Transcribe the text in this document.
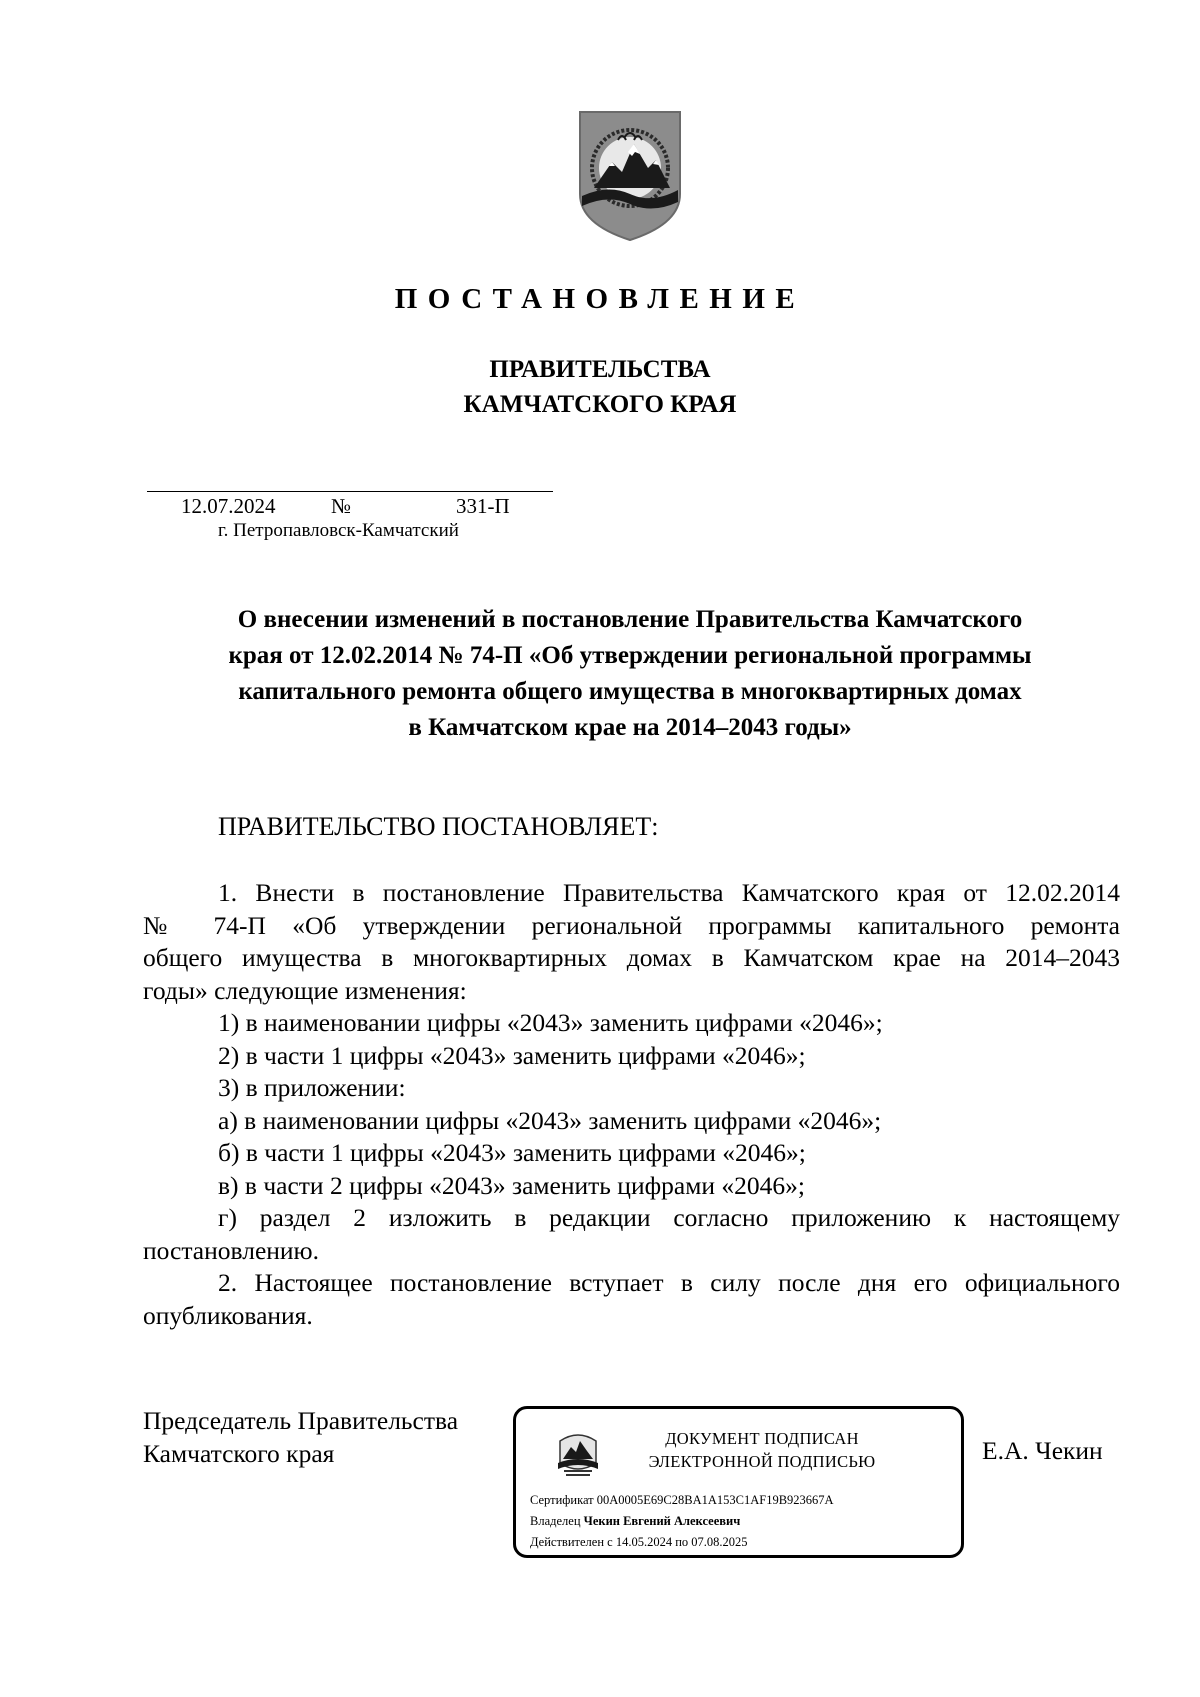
ПОСТАНОВЛЕНИЕ
ПРАВИТЕЛЬСТВА
КАМЧАТСКОГО КРАЯ
12.07.2024	№	331-П
г. Петропавловск-Камчатский
О внесении изменений в постановление Правительства Камчатского
края от 12.02.2014 № 74-П «Об утверждении региональной программы
капитального ремонта общего имущества в многоквартирных домах
в Камчатском крае на 2014–2043 годы»
ПРАВИТЕЛЬСТВО ПОСТАНОВЛЯЕТ:
1. Внести в постановление Правительства Камчатского края от 12.02.2014
№ 74-П «Об утверждении региональной программы капитального ремонта
общего имущества в многоквартирных домах в Камчатском крае на 2014–2043
годы» следующие изменения:
1) в наименовании цифры «2043» заменить цифрами «2046»;
2) в части 1 цифры «2043» заменить цифрами «2046»;
3) в приложении:
а) в наименовании цифры «2043» заменить цифрами «2046»;
б) в части 1 цифры «2043» заменить цифрами «2046»;
в) в части 2 цифры «2043» заменить цифрами «2046»;
г) раздел 2 изложить в редакции согласно приложению к настоящему
постановлению.
2. Настоящее постановление вступает в силу после дня его официального
опубликования.
Председатель Правительства
Камчатского края	Е.А. Чекин
ДОКУМЕНТ ПОДПИСАН
ЭЛЕКТРОННОЙ ПОДПИСЬЮ
Сертификат 00A0005E69C28BA1A153C1AF19B923667A
Владелец Чекин Евгений Алексеевич
Действителен с 14.05.2024 по 07.08.2025
